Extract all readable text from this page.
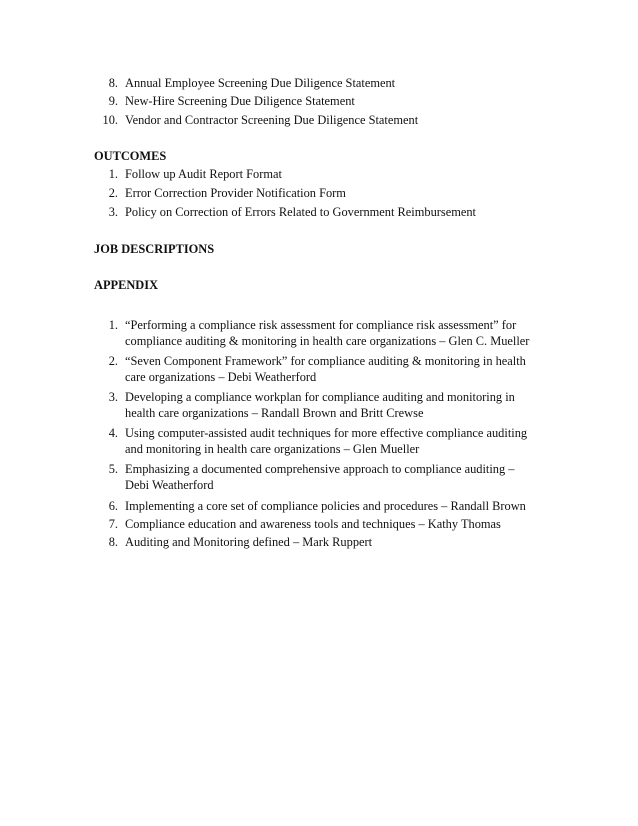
8. Annual Employee Screening Due Diligence Statement
9. New-Hire Screening Due Diligence Statement
10. Vendor and Contractor Screening Due Diligence Statement
OUTCOMES
1. Follow up Audit Report Format
2. Error Correction Provider Notification Form
3. Policy on Correction of Errors Related to Government Reimbursement
JOB DESCRIPTIONS
APPENDIX
1. “Performing a compliance risk assessment for compliance risk assessment” for
compliance auditing & monitoring in health care organizations – Glen C. Mueller
2. “Seven Component Framework” for compliance auditing & monitoring in health
care organizations – Debi Weatherford
3. Developing a compliance workplan for compliance auditing and monitoring in
health care organizations – Randall Brown and Britt Crewse
4. Using computer-assisted audit techniques for more effective compliance auditing
and monitoring in health care organizations – Glen Mueller
5. Emphasizing a documented comprehensive approach to compliance auditing –
Debi Weatherford
6. Implementing a core set of compliance policies and procedures – Randall Brown
7. Compliance education and awareness tools and techniques – Kathy Thomas
8. Auditing and Monitoring defined – Mark Ruppert
